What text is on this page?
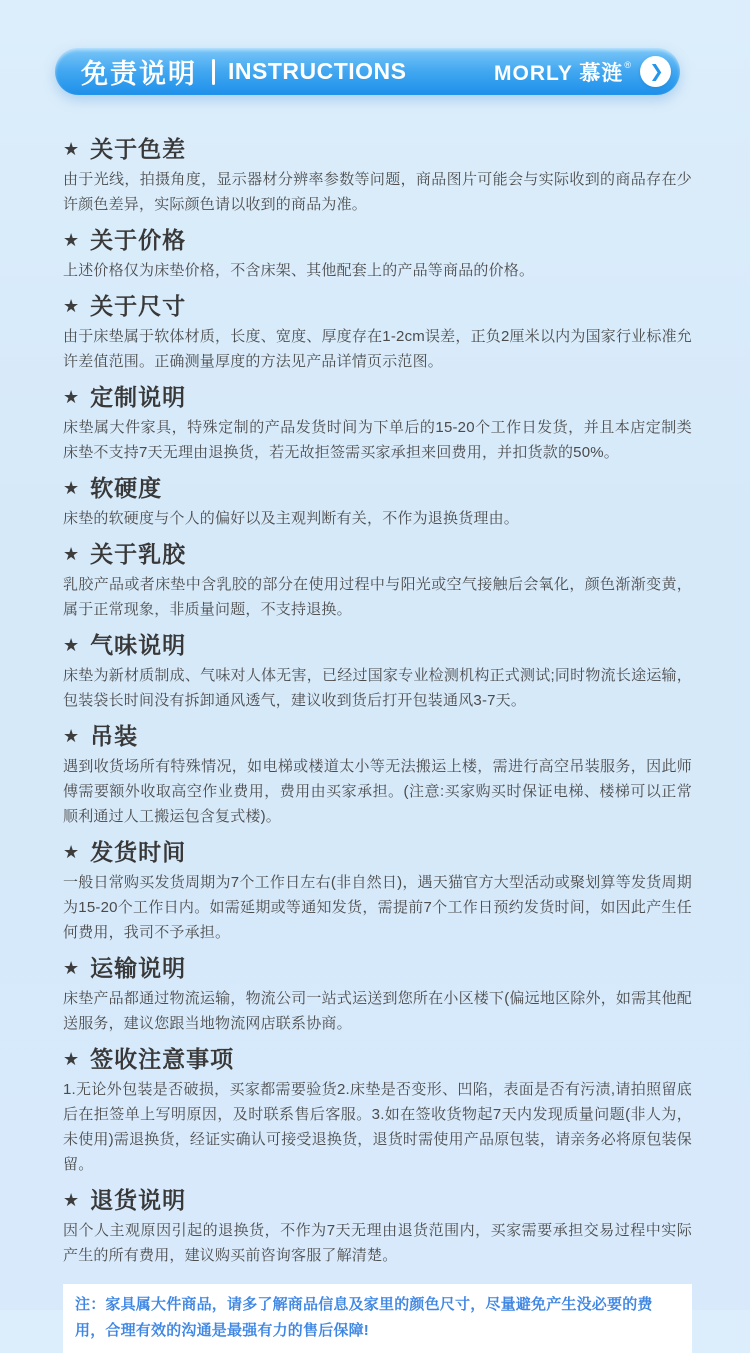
免责说明 INSTRUCTIONS	MORLY 慕涟 ® ❯
★ 关于色差

由于光线，拍摄角度，显示器材分辨率参数等问题，商品图片可能会与实际收到的商品存在少许颜色差异，实际颜色请以收到的商品为准。

★ 关于价格

上述价格仅为床垫价格，不含床架、其他配套上的产品等商品的价格。

★ 关于尺寸

由于床垫属于软体材质，长度、宽度、厚度存在1-2cm误差，正负2厘米以内为国家行业标准允许差值范围。正确测量厚度的方法见产品详情页示范图。

★ 定制说明

床垫属大件家具，特殊定制的产品发货时间为下单后的15-20个工作日发货，并且本店定制类床垫不支持7天无理由退换货，若无故拒签需买家承担来回费用，并扣货款的50%。

★ 软硬度

床垫的软硬度与个人的偏好以及主观判断有关，不作为退换货理由。

★ 关于乳胶

乳胶产品或者床垫中含乳胶的部分在使用过程中与阳光或空气接触后会氧化，颜色渐渐变黄，属于正常现象，非质量问题，不支持退换。

★ 气味说明

床垫为新材质制成、气味对人体无害，已经过国家专业检测机构正式测试;同时物流长途运输，包装袋长时间没有拆卸通风透气，建议收到货后打开包装通风3-7天。

★ 吊装

遇到收货场所有特殊情况，如电梯或楼道太小等无法搬运上楼，需进行高空吊装服务，因此师傅需要额外收取高空作业费用，费用由买家承担。(注意:买家购买时保证电梯、楼梯可以正常顺利通过人工搬运包含复式楼)。

★ 发货时间

一般日常购买发货周期为7个工作日左右(非自然日)，遇天猫官方大型活动或聚划算等发货周期为15-20个工作日内。如需延期或等通知发货，需提前7个工作日预约发货时间，如因此产生任何费用，我司不予承担。

★ 运输说明

床垫产品都通过物流运输，物流公司一站式运送到您所在小区楼下(偏远地区除外，如需其他配送服务，建议您跟当地物流网店联系协商。

★ 签收注意事项

1.无论外包装是否破损，买家都需要验货2.床垫是否变形、凹陷，表面是否有污渍,请拍照留底后在拒签单上写明原因，及时联系售后客服。3.如在签收货物起7天内发现质量问题(非人为，未使用)需退换货，经证实确认可接受退换货，退货时需使用产品原包装，请亲务必将原包装保留。

★ 退货说明

因个人主观原因引起的退换货，不作为7天无理由退货范围内，买家需要承担交易过程中实际产生的所有费用，建议购买前咨询客服了解清楚。

注：家具属大件商品，请多了解商品信息及家里的颜色尺寸，尽量避免产生没必要的费用，合理有效的沟通是最强有力的售后保障!
